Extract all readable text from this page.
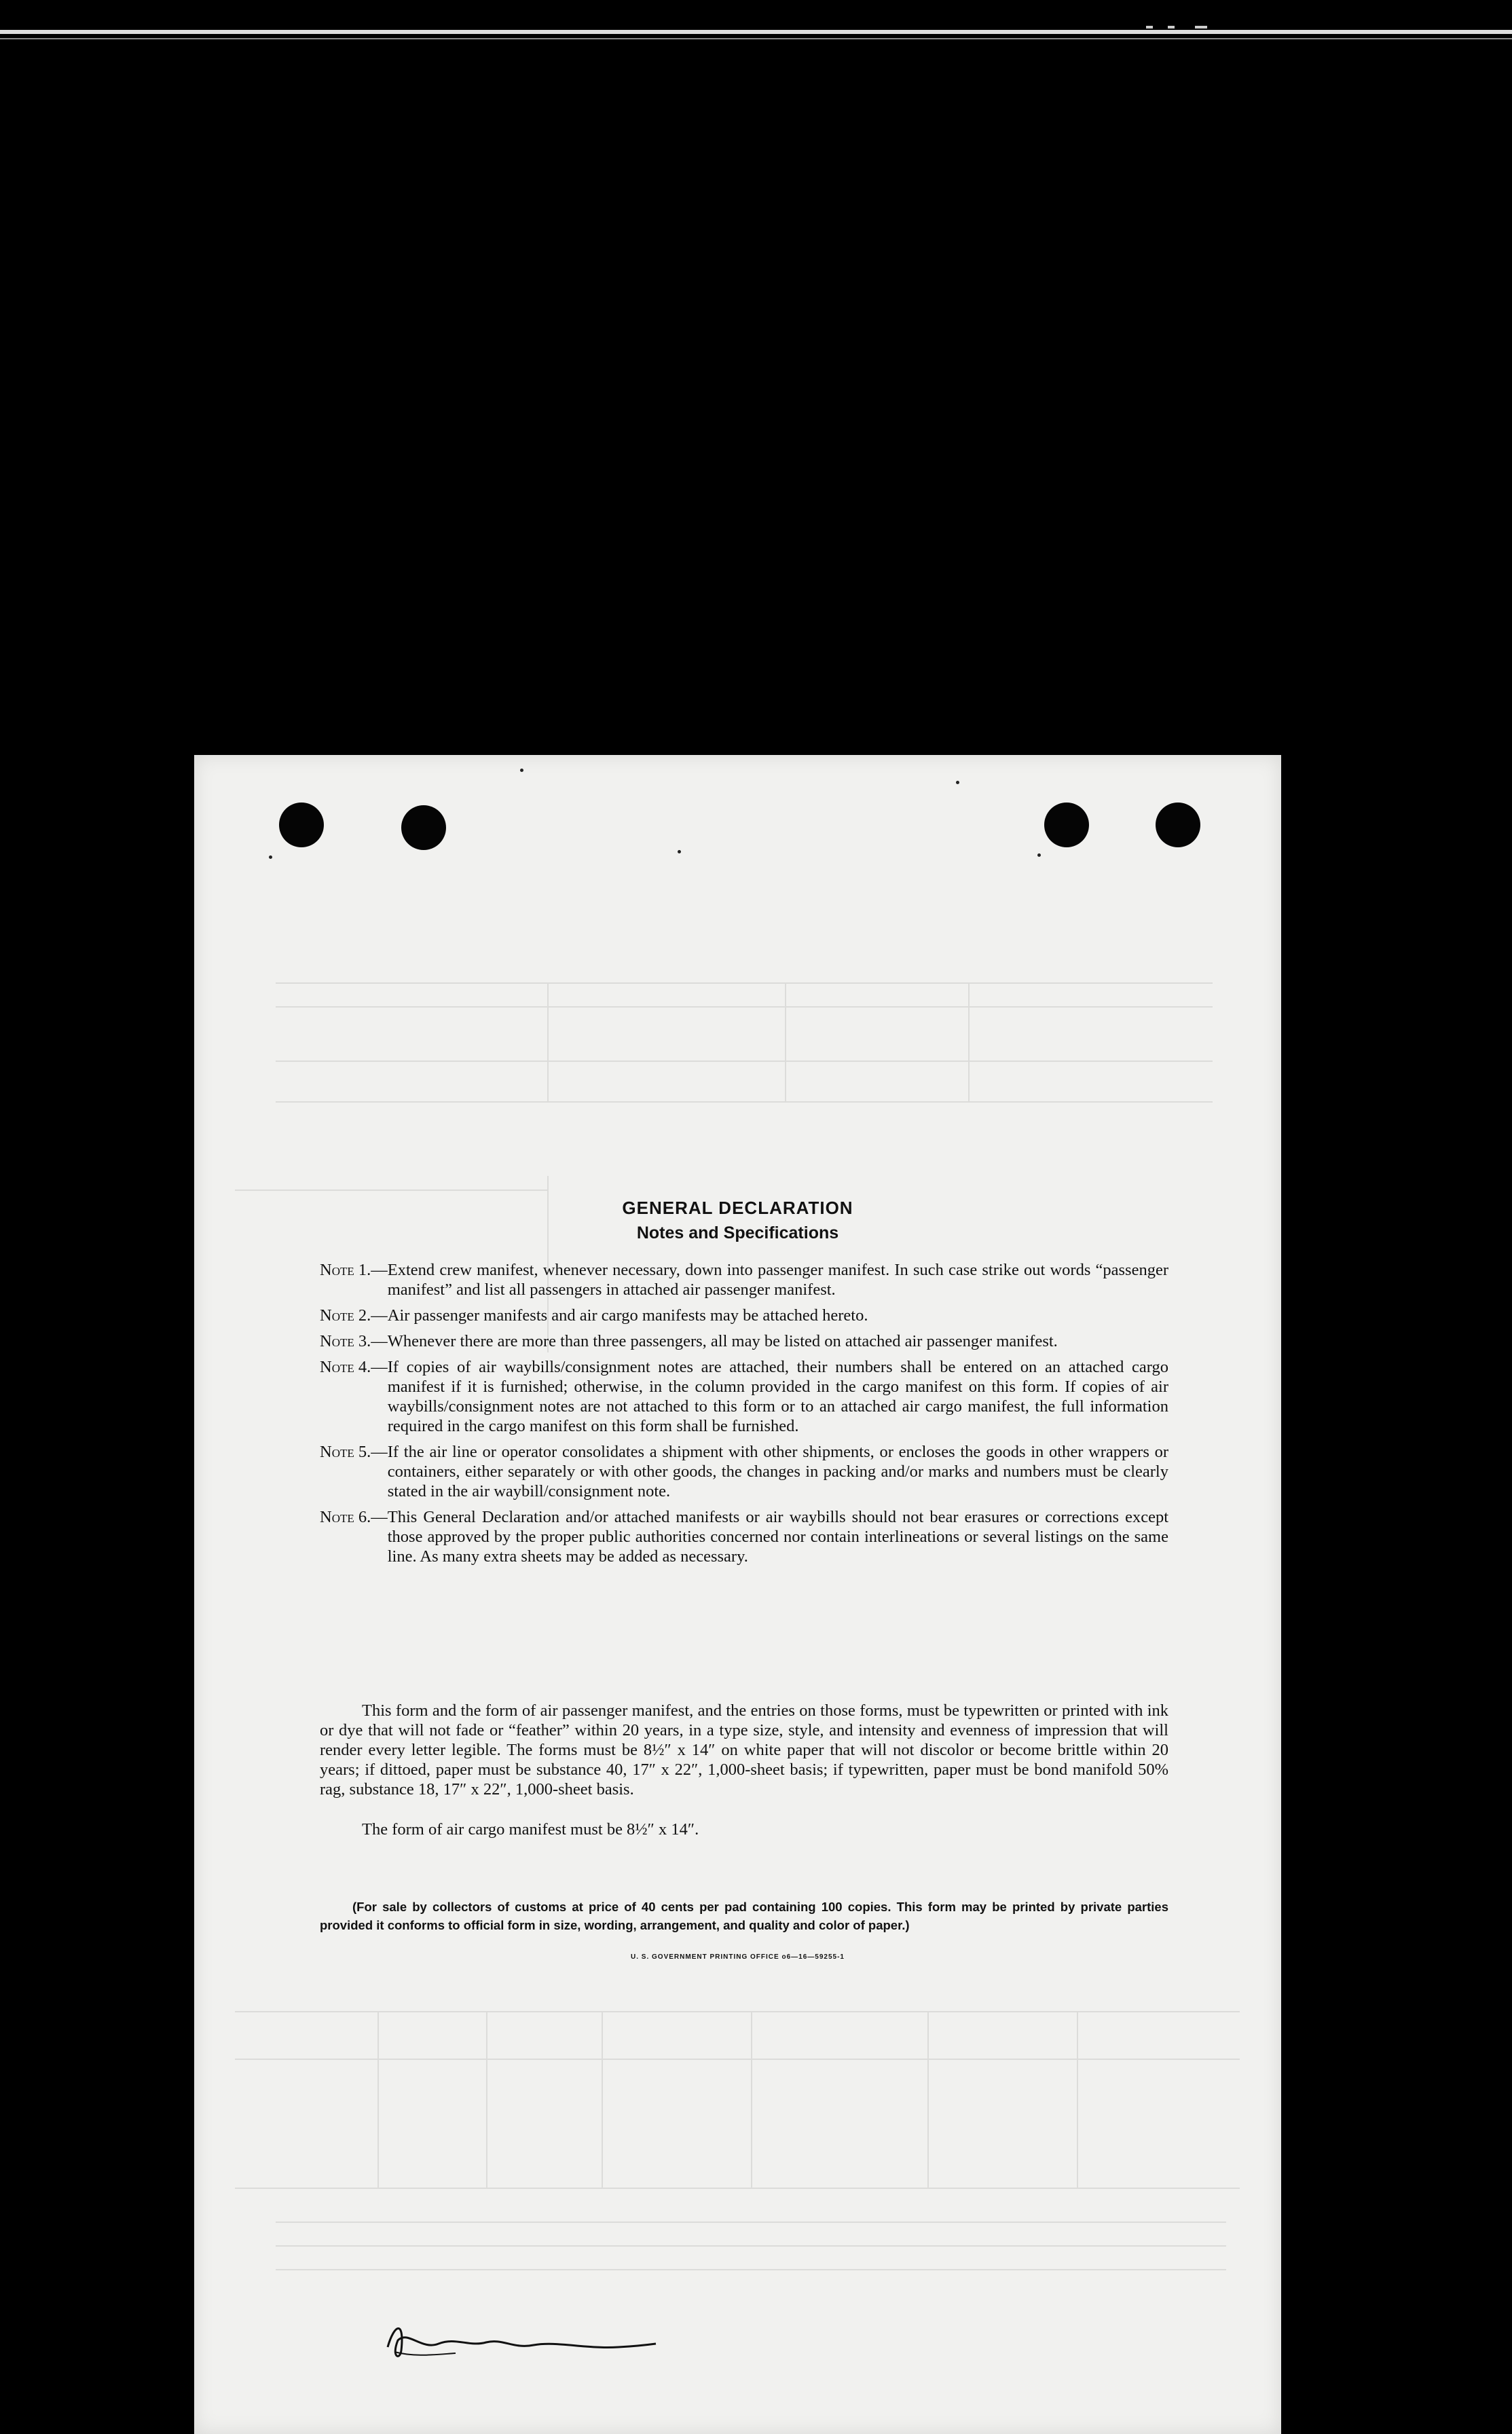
GENERAL DECLARATION
Notes and Specifications
Note 1.— Extend crew manifest, whenever necessary, down into passenger manifest. In such case strike out words “passenger manifest” and list all passengers in attached air passenger manifest.
Note 2.— Air passenger manifests and air cargo manifests may be attached hereto.
Note 3.— Whenever there are more than three passengers, all may be listed on attached air passenger manifest.
Note 4.— If copies of air waybills/consignment notes are attached, their numbers shall be entered on an attached cargo manifest if it is furnished; otherwise, in the column provided in the cargo manifest on this form. If copies of air waybills/consignment notes are not attached to this form or to an attached air cargo manifest, the full information required in the cargo manifest on this form shall be furnished.
Note 5.— If the air line or operator consolidates a shipment with other shipments, or encloses the goods in other wrappers or containers, either separately or with other goods, the changes in packing and/or marks and numbers must be clearly stated in the air waybill/consignment note.
Note 6.— This General Declaration and/or attached manifests or air waybills should not bear erasures or corrections except those approved by the proper public authorities concerned nor contain interlineations or several listings on the same line. As many extra sheets may be added as necessary.
This form and the form of air passenger manifest, and the entries on those forms, must be typewritten or printed with ink or dye that will not fade or “feather” within 20 years, in a type size, style, and intensity and evenness of impression that will render every letter legible. The forms must be 8½″ x 14″ on white paper that will not discolor or become brittle within 20 years; if dittoed, paper must be substance 40, 17″ x 22″, 1,000-sheet basis; if typewritten, paper must be bond manifold 50% rag, substance 18, 17″ x 22″, 1,000-sheet basis.
The form of air cargo manifest must be 8½″ x 14″.
(For sale by collectors of customs at price of 40 cents per pad containing 100 copies. This form may be printed by private parties provided it conforms to official form in size, wording, arrangement, and quality and color of paper.)
U. S. GOVERNMENT PRINTING OFFICE o6—16—59255-1
